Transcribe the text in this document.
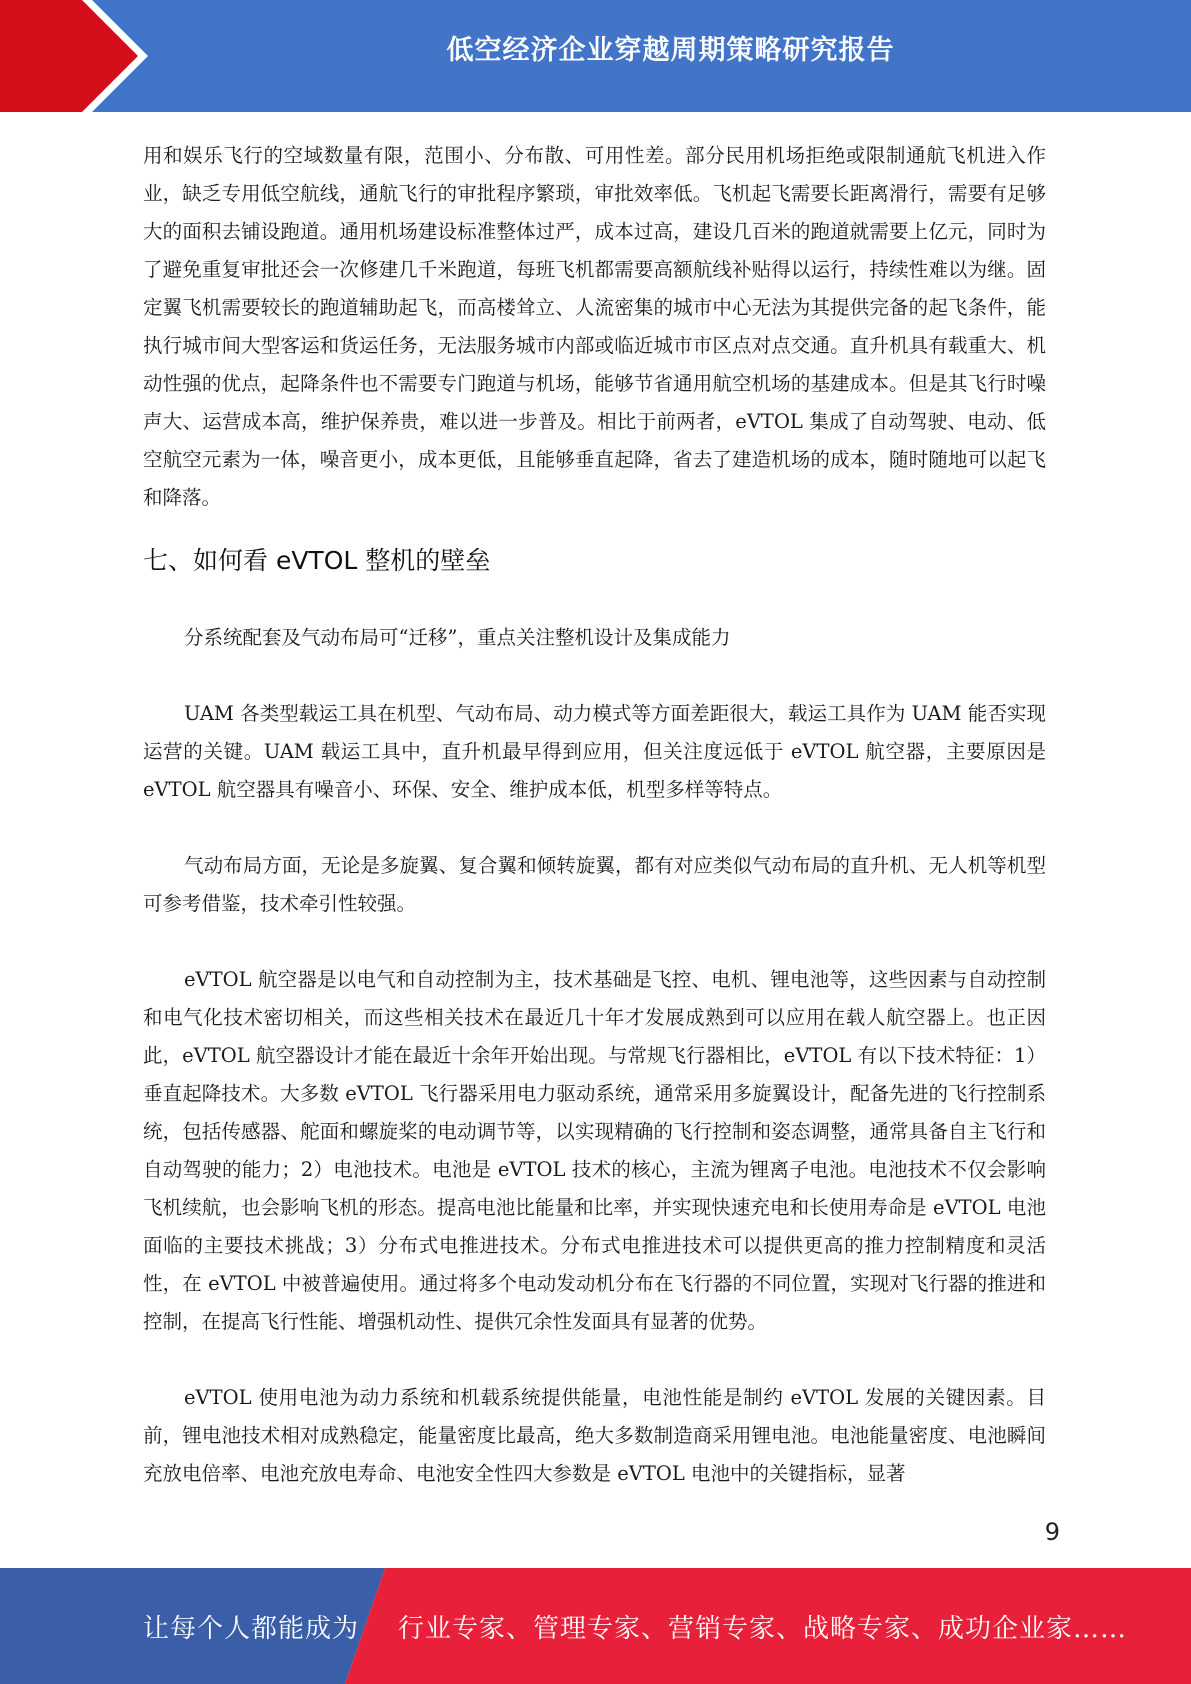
低空经济企业穿越周期策略研究报告

用和娱乐飞行的空域数量有限，范围小、分布散、可用性差。部分民用机场拒绝或限制通航飞机进入作业，缺乏专用低空航线，通航飞行的审批程序繁琐，审批效率低。飞机起飞需要长距离滑行，需要有足够大的面积去铺设跑道。通用机场建设标准整体过严，成本过高，建设几百米的跑道就需要上亿元，同时为了避免重复审批还会一次修建几千米跑道，每班飞机都需要高额航线补贴得以运行，持续性难以为继。固定翼飞机需要较长的跑道辅助起飞，而高楼耸立、人流密集的城市中心无法为其提供完备的起飞条件，能执行城市间大型客运和货运任务，无法服务城市内部或临近城市市区点对点交通。直升机具有载重大、机动性强的优点，起降条件也不需要专门跑道与机场，能够节省通用航空机场的基建成本。但是其飞行时噪声大、运营成本高，维护保养贵，难以进一步普及。相比于前两者，eVTOL 集成了自动驾驶、电动、低空航空元素为一体，噪音更小，成本更低，且能够垂直起降，省去了建造机场的成本，随时随地可以起飞和降落。

七、如何看 eVTOL 整机的壁垒

分系统配套及气动布局可“迁移”，重点关注整机设计及集成能力

UAM 各类型载运工具在机型、气动布局、动力模式等方面差距很大，载运工具作为 UAM 能否实现运营的关键。UAM 载运工具中，直升机最早得到应用，但关注度远低于 eVTOL 航空器，主要原因是 eVTOL 航空器具有噪音小、环保、安全、维护成本低，机型多样等特点。

气动布局方面，无论是多旋翼、复合翼和倾转旋翼，都有对应类似气动布局的直升机、无人机等机型可参考借鉴，技术牵引性较强。

eVTOL 航空器是以电气和自动控制为主，技术基础是飞控、电机、锂电池等，这些因素与自动控制和电气化技术密切相关，而这些相关技术在最近几十年才发展成熟到可以应用在载人航空器上。也正因此，eVTOL 航空器设计才能在最近十余年开始出现。与常规飞行器相比，eVTOL 有以下技术特征：1）垂直起降技术。大多数 eVTOL 飞行器采用电力驱动系统，通常采用多旋翼设计，配备先进的飞行控制系统，包括传感器、舵面和螺旋桨的电动调节等，以实现精确的飞行控制和姿态调整，通常具备自主飞行和自动驾驶的能力；2）电池技术。电池是 eVTOL 技术的核心，主流为锂离子电池。电池技术不仅会影响飞机续航，也会影响飞机的形态。提高电池比能量和比率，并实现快速充电和长使用寿命是 eVTOL 电池面临的主要技术挑战；3）分布式电推进技术。分布式电推进技术可以提供更高的推力控制精度和灵活性，在 eVTOL 中被普遍使用。通过将多个电动发动机分布在飞行器的不同位置，实现对飞行器的推进和控制，在提高飞行性能、增强机动性、提供冗余性发面具有显著的优势。

eVTOL 使用电池为动力系统和机载系统提供能量，电池性能是制约 eVTOL 发展的关键因素。目前，锂电池技术相对成熟稳定，能量密度比最高，绝大多数制造商采用锂电池。电池能量密度、电池瞬间充放电倍率、电池充放电寿命、电池安全性四大参数是 eVTOL 电池中的关键指标，显著

9
让每个人都能成为 行业专家、管理专家、营销专家、战略专家、成功企业家……
